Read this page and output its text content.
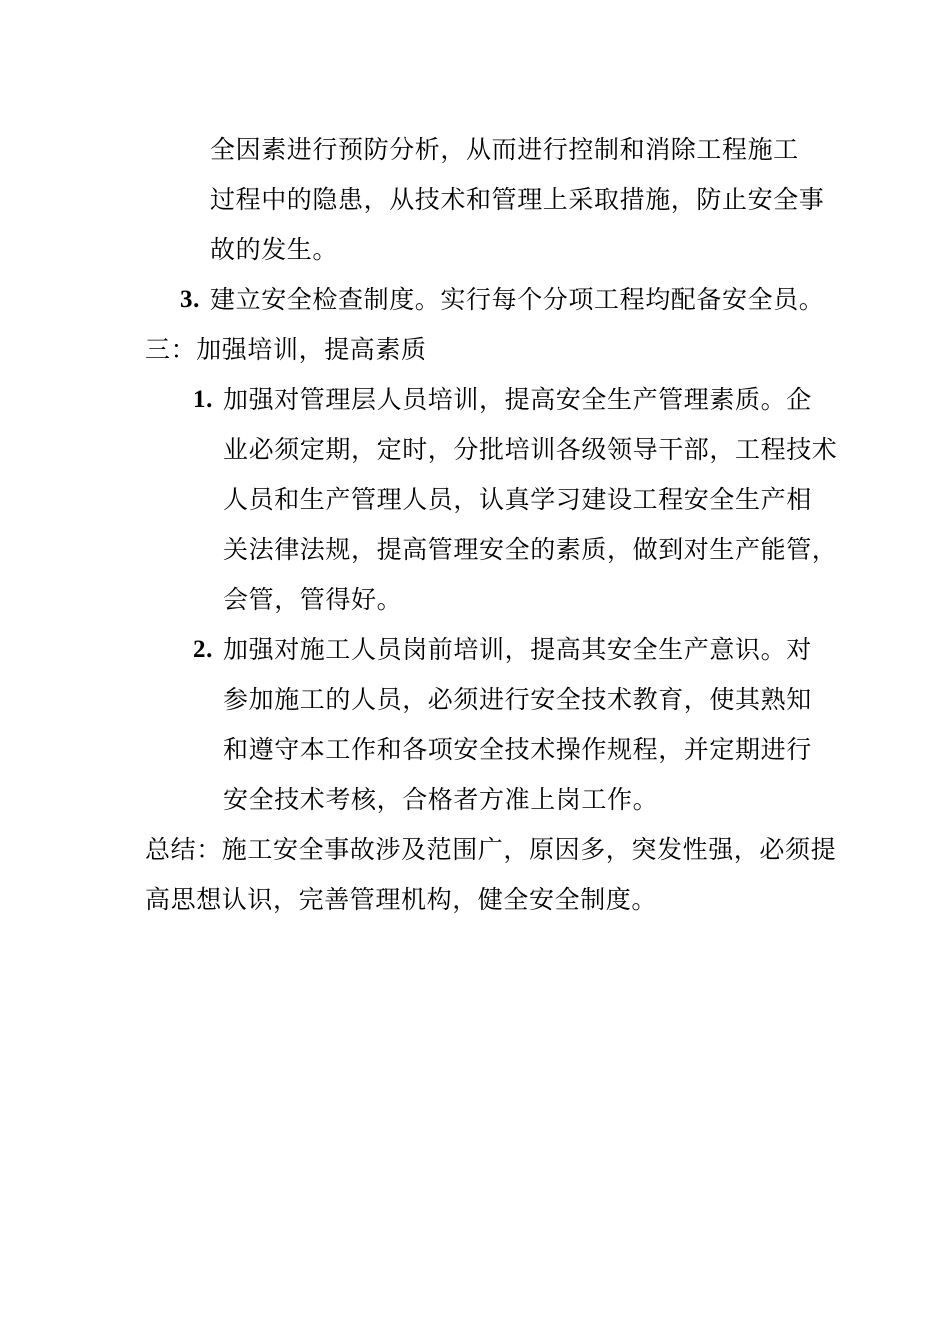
全因素进行预防分析，从而进行控制和消除工程施工
过程中的隐患，从技术和管理上采取措施，防止安全事
故的发生。
3. 建立安全检查制度。实行每个分项工程均配备安全员。
三：加强培训，提高素质
1. 加强对管理层人员培训，提高安全生产管理素质。企
业必须定期，定时，分批培训各级领导干部，工程技术
人员和生产管理人员，认真学习建设工程安全生产相
关法律法规，提高管理安全的素质，做到对生产能管，
会管，管得好。
2. 加强对施工人员岗前培训，提高其安全生产意识。对
参加施工的人员，必须进行安全技术教育，使其熟知
和遵守本工作和各项安全技术操作规程，并定期进行
安全技术考核，合格者方准上岗工作。
总结：施工安全事故涉及范围广，原因多，突发性强，必须提
高思想认识，完善管理机构，健全安全制度。
